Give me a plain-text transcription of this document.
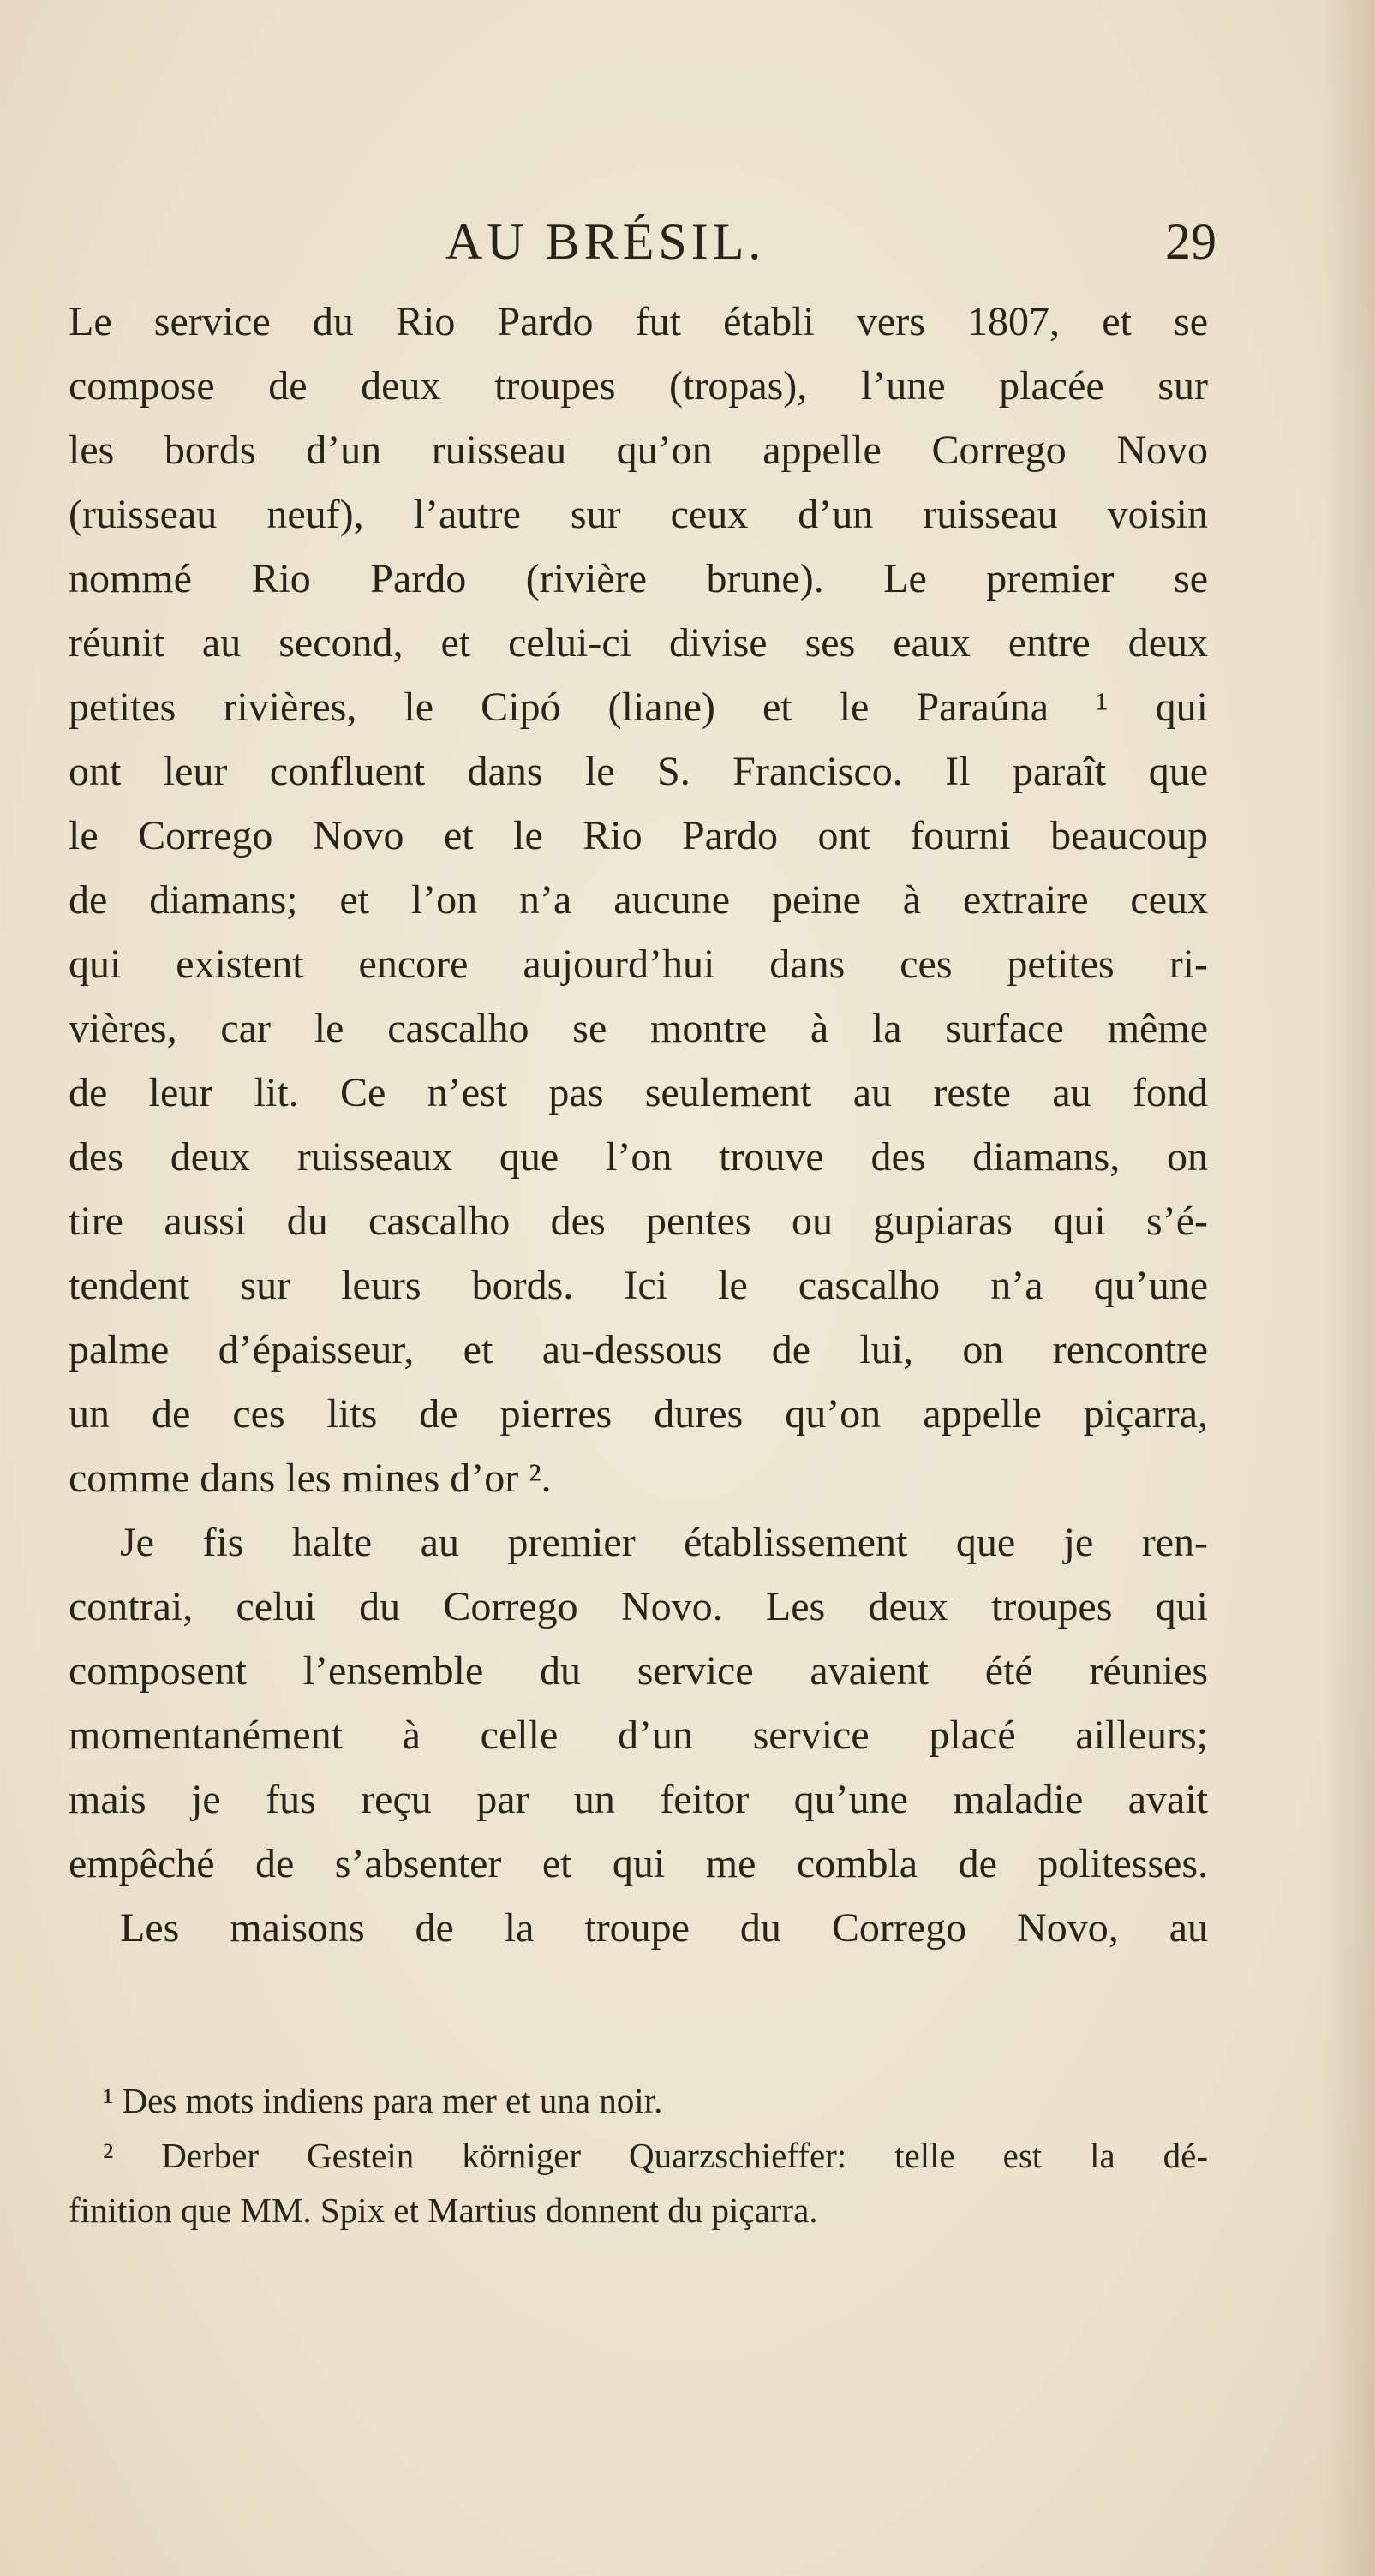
AU BRÉSIL.	29
Le service du Rio Pardo fut établi vers 1807, et se
compose de deux troupes (tropas), l’une placée sur
les bords d’un ruisseau qu’on appelle Corrego Novo
(ruisseau neuf), l’autre sur ceux d’un ruisseau voisin
nommé Rio Pardo (rivière brune). Le premier se
réunit au second, et celui-ci divise ses eaux entre deux
petites rivières, le Cipó (liane) et le Paraúna ¹ qui
ont leur confluent dans le S. Francisco. Il paraît que
le Corrego Novo et le Rio Pardo ont fourni beaucoup
de diamans; et l’on n’a aucune peine à extraire ceux
qui existent encore aujourd’hui dans ces petites ri-
vières, car le cascalho se montre à la surface même
de leur lit. Ce n’est pas seulement au reste au fond
des deux ruisseaux que l’on trouve des diamans, on
tire aussi du cascalho des pentes ou gupiaras qui s’é-
tendent sur leurs bords. Ici le cascalho n’a qu’une
palme d’épaisseur, et au-dessous de lui, on rencontre
un de ces lits de pierres dures qu’on appelle piçarra,
comme dans les mines d’or ².
Je fis halte au premier établissement que je ren-
contrai, celui du Corrego Novo. Les deux troupes qui
composent l’ensemble du service avaient été réunies
momentanément à celle d’un service placé ailleurs;
mais je fus reçu par un feitor qu’une maladie avait
empêché de s’absenter et qui me combla de politesses.
Les maisons de la troupe du Corrego Novo, au
¹ Des mots indiens para mer et una noir.
² Derber Gestein körniger Quarzschieffer: telle est la dé-
finition que MM. Spix et Martius donnent du piçarra.
